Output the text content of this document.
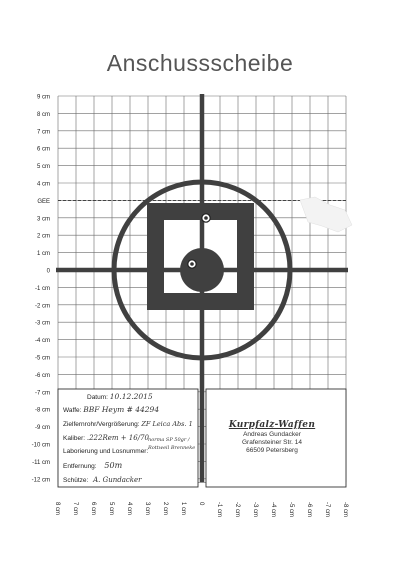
Anschussscheibe
9 cm
8 cm
7 cm
6 cm
5 cm
4 cm
GEE
3 cm
2 cm
1 cm
0
-1 cm
-2 cm
-3 cm
-4 cm
-5 cm
-6 cm
-7 cm
-8 cm
-9 cm
-10 cm
-11 cm
-12 cm
8 cm 7 cm 6 cm 5 cm 4 cm 3 cm 2 cm 1 cm 0 -1 cm -2 cm -3 cm -4 cm -5 cm -6 cm -7 cm -8 cm
Datum: 10.12.2015
Waffe: BBF Heym # 44294
Zielfernrohr/Vergrößerung: ZF Leica Abs. 1
Kaliber: .222Rem + 16/70
Laborierung und Losnummer:
norma SP 50gr / Rottweil Brenneke
Entfernung: 50m
Schütze: A. Gundacker
Kurpfalz-Waffen
Andreas Gundacker
Grafensteiner Str. 14
66509 Petersberg
